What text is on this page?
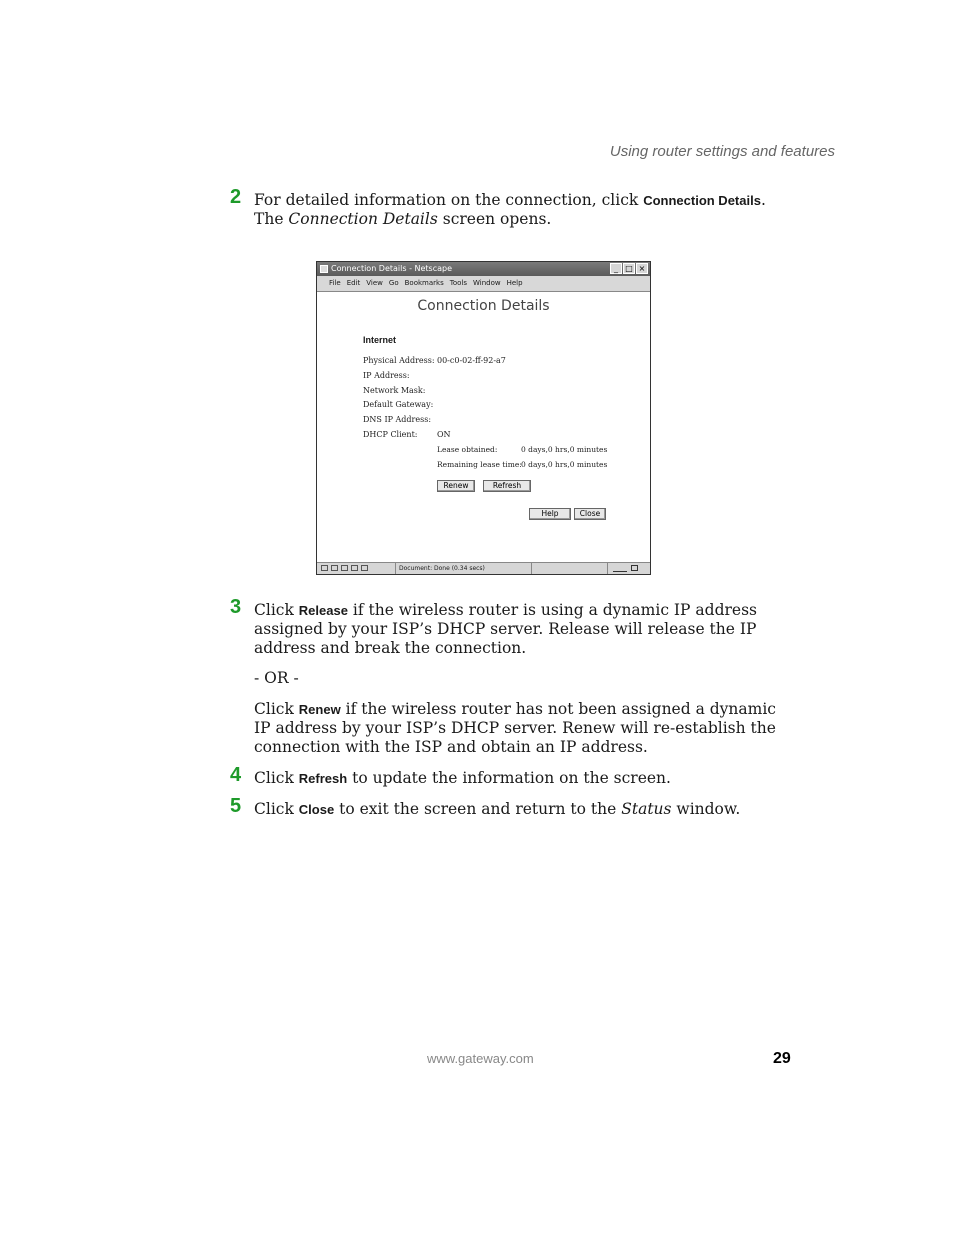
Using router settings and features
2 For detailed information on the connection, click Connection Details. The Connection Details screen opens.
Connection Details - Netscape	_ □ ×
File Edit View Go Bookmarks Tools Window Help
Connection Details
Internet
Physical Address: 00-c0-02-ff-92-a7
IP Address:
Network Mask:
Default Gateway:
DNS IP Address:
DHCP Client: ON
Lease obtained:	0 days,0 hrs,0 minutes
Remaining lease time: 0 days,0 hrs,0 minutes
Renew	Refresh
Help	Close
Document: Done (0.34 secs)
3 Click Release if the wireless router is using a dynamic IP address assigned by your ISP’s DHCP server. Release will release the IP address and break the connection.
- OR -
Click Renew if the wireless router has not been assigned a dynamic IP address by your ISP’s DHCP server. Renew will re-establish the connection with the ISP and obtain an IP address.
4 Click Refresh to update the information on the screen.
5 Click Close to exit the screen and return to the Status window.
www.gateway.com	29
